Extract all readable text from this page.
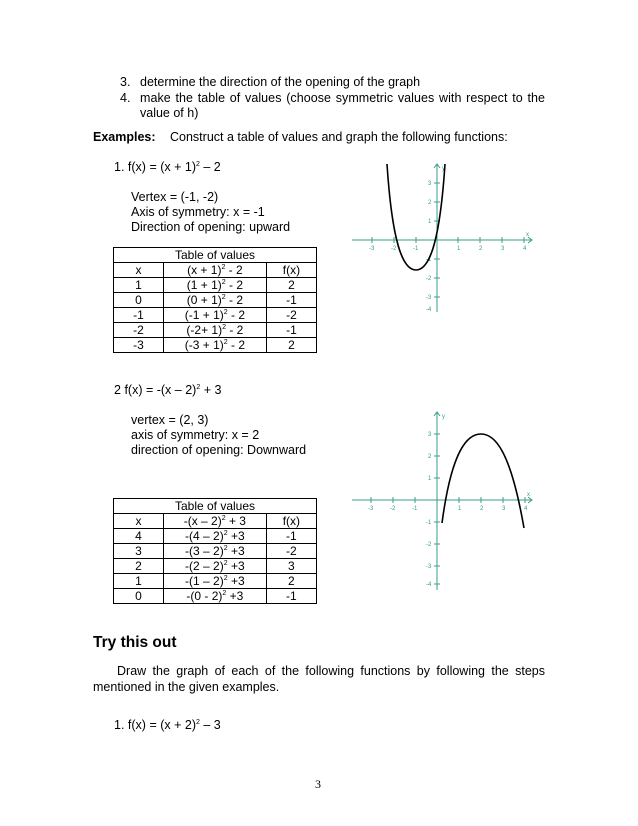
3. determine the direction of the opening of the graph
4. make the table of values (choose symmetric values with respect to the
value of h)
Examples: Construct a table of values and graph the following functions:
1. $f(x) = (x + 1)^2 - 2$
Vertex = (-1, -2)
Axis of symmetry: x = -1
Direction of opening: upward
Table of values		
x	$(x + 1)^2 - 2$	f(x)
1	$(1 + 1)^2 - 2$	2
0	$(0 + 1)^2 - 2$	-1
-1	$(-1 + 1)^2 - 2$	-2
-2	$(-2+ 1)^2 - 2$	-1
-3	$(-3 + 1)^2 - 2$	2
-3	-2	-1	1	2	3	4
3
2
1
-1
-2
-3
-4
x
y
2 f(x) = -(x – 2)$^2$ + 3
vertex = (2, 3)
axis of symmetry: x = 2
direction of opening: Downward
Table of values		
x	-(x – 2)$^2$ + 3	f(x)
4	-(4 – 2)$^2$ +3	-1
3	-(3 – 2)$^2$ +3	-2
2	-(2 – 2)$^2$ +3	3
1	-(1 – 2)$^2$ +3	2
0	-(0 - 2)$^2$ +3	-1
-3	-2	-1	1	2	3	4
3
2
1
-1
-2
-3
-4
x
y
Try this out
Draw the graph of each of the following functions by following the steps
mentioned in the given examples.
1. $f(x) = (x + 2)^2 - 3$
3
